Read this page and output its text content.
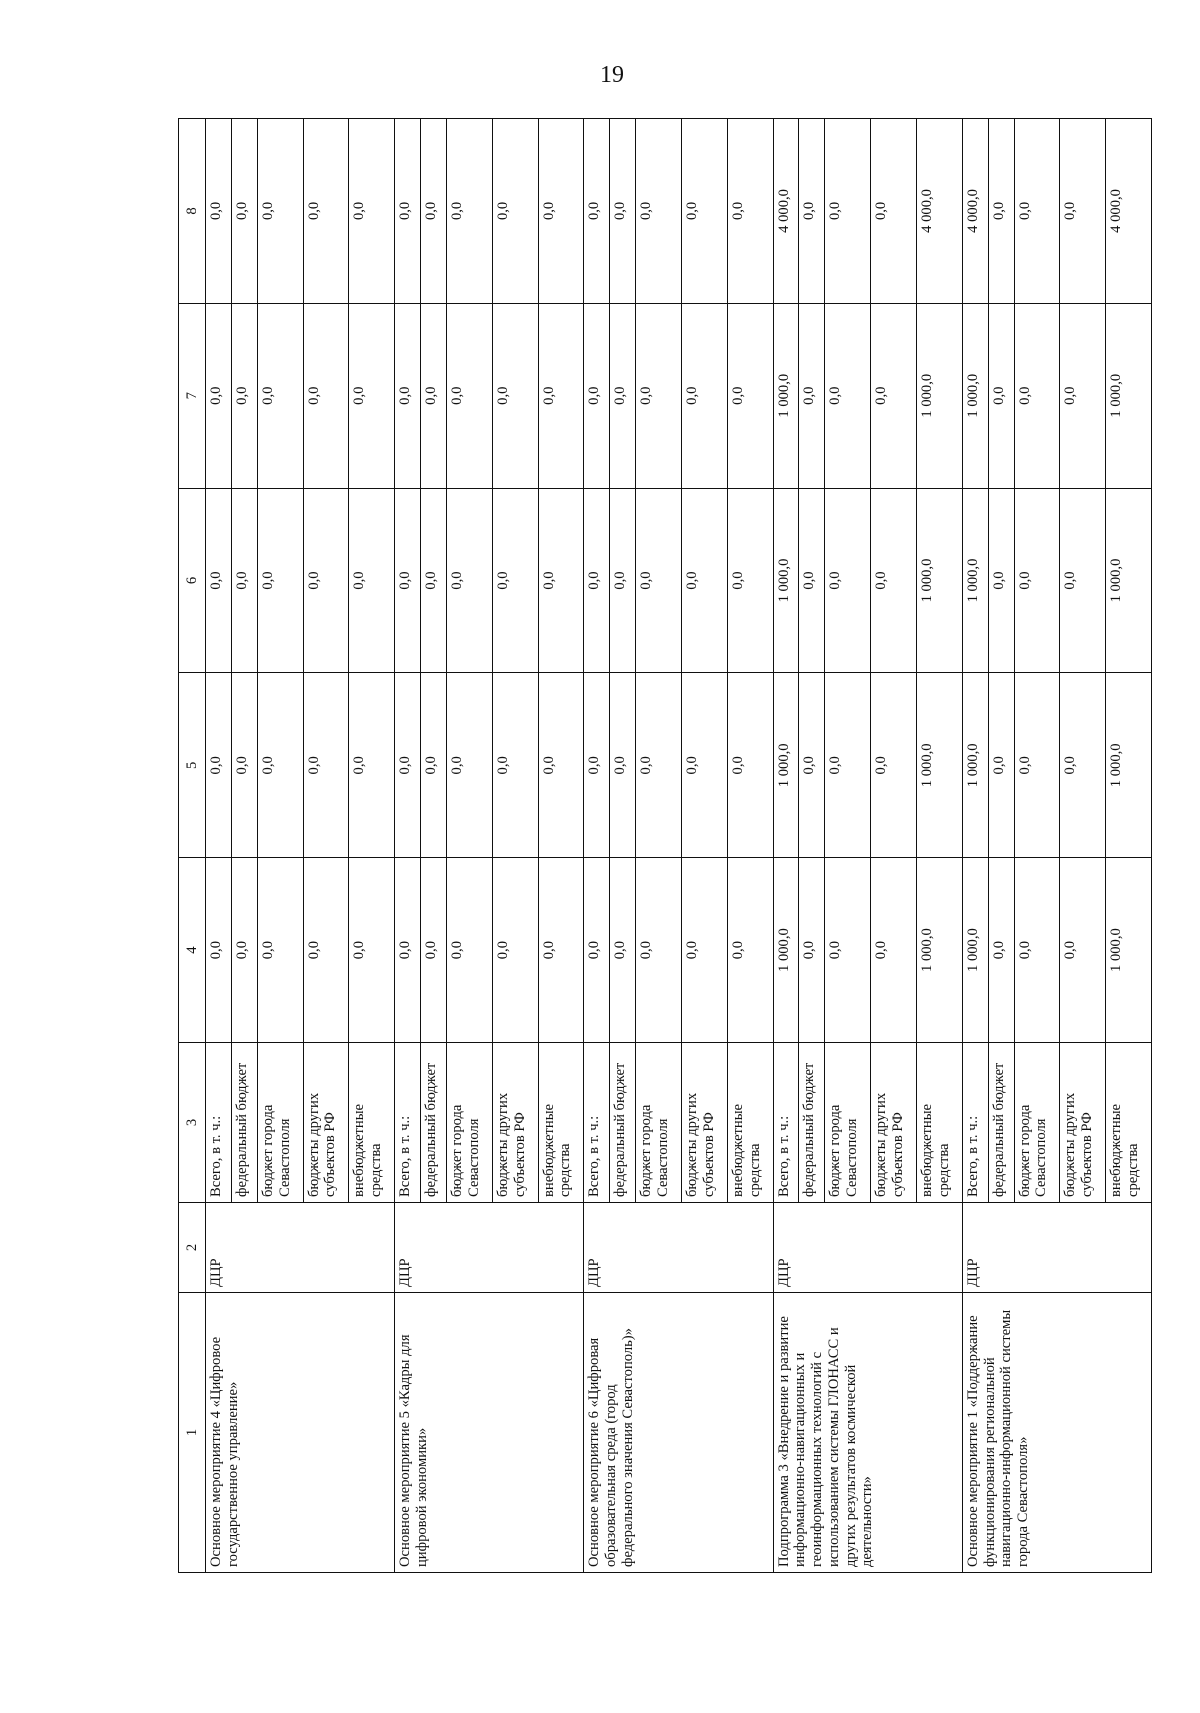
19
1	2	3	4	5	6	7	8
Основное мероприятие 4 «Цифровое государственное управление»	ДЦР	Всего, в т. ч.:	0,0	0,0	0,0	0,0	0,0
		федеральный бюджет	0,0	0,0	0,0	0,0	0,0
		бюджет города Севастополя	0,0	0,0	0,0	0,0	0,0
		бюджеты других субъектов РФ	0,0	0,0	0,0	0,0	0,0
		внебюджетные средства	0,0	0,0	0,0	0,0	0,0
Основное мероприятие 5 «Кадры для цифровой экономики»	ДЦР	Всего, в т. ч.:	0,0	0,0	0,0	0,0	0,0
		федеральный бюджет	0,0	0,0	0,0	0,0	0,0
		бюджет города Севастополя	0,0	0,0	0,0	0,0	0,0
		бюджеты других субъектов РФ	0,0	0,0	0,0	0,0	0,0
		внебюджетные средства	0,0	0,0	0,0	0,0	0,0
Основное мероприятие 6 «Цифровая образовательная среда (город федерального значения Севастополь)»	ДЦР	Всего, в т. ч.:	0,0	0,0	0,0	0,0	0,0
		федеральный бюджет	0,0	0,0	0,0	0,0	0,0
		бюджет города Севастополя	0,0	0,0	0,0	0,0	0,0
		бюджеты других субъектов РФ	0,0	0,0	0,0	0,0	0,0
		внебюджетные средства	0,0	0,0	0,0	0,0	0,0
Подпрограмма 3 «Внедрение и развитие информационно-навигационных и геоинформационных технологий с использованием системы ГЛОНАСС и других результатов космической деятельности»	ДЦР	Всего, в т. ч.:	1 000,0	1 000,0	1 000,0	1 000,0	4 000,0
		федеральный бюджет	0,0	0,0	0,0	0,0	0,0
		бюджет города Севастополя	0,0	0,0	0,0	0,0	0,0
		бюджеты других субъектов РФ	0,0	0,0	0,0	0,0	0,0
		внебюджетные средства	1 000,0	1 000,0	1 000,0	1 000,0	4 000,0
Основное мероприятие 1 «Поддержание функционирования региональной навигационно-информационной системы города Севастополя»	ДЦР	Всего, в т. ч.:	1 000,0	1 000,0	1 000,0	1 000,0	4 000,0
		федеральный бюджет	0,0	0,0	0,0	0,0	0,0
		бюджет города Севастополя	0,0	0,0	0,0	0,0	0,0
		бюджеты других субъектов РФ	0,0	0,0	0,0	0,0	0,0
		внебюджетные средства	1 000,0	1 000,0	1 000,0	1 000,0	4 000,0
